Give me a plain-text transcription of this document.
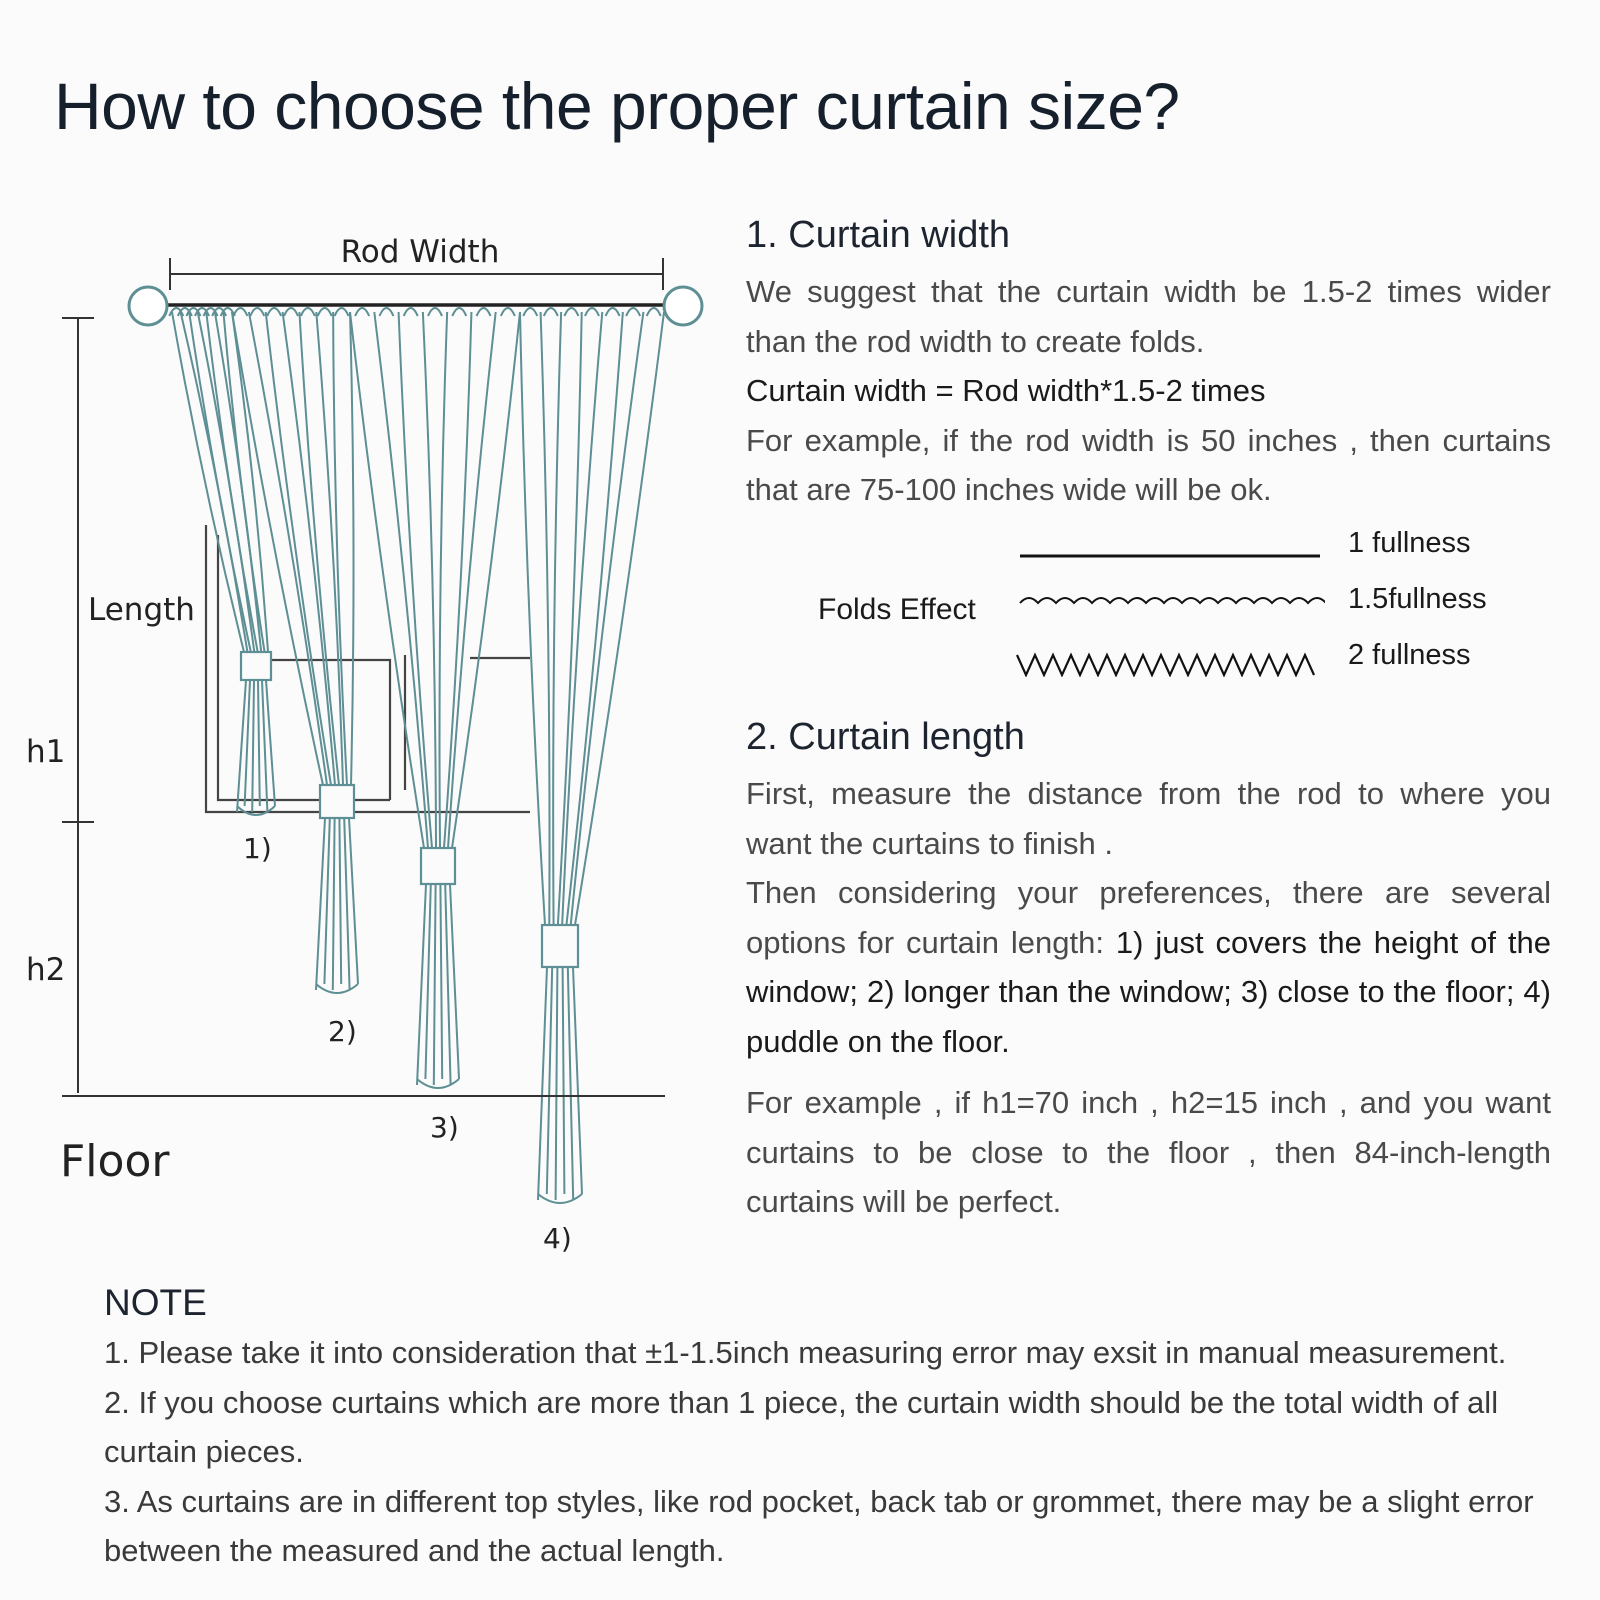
How to choose the proper curtain size?
Rod Width
Length
h1
h2
Floor
1)
2)
3)
4)
1. Curtain width

We suggest that the curtain width be 1.5-2 times wider than the rod width to create folds.

Curtain width = Rod width*1.5-2 times

For example, if the rod width is 50 inches , then curtains that are 75-100 inches wide will be ok.

Folds Effect
1 fullness
1.5fullness
2 fullness
2. Curtain length

First, measure the distance from the rod to where you want the curtains to finish .

Then considering your preferences, there are several options for curtain length: 1) just covers the height of the window; 2) longer than the window; 3) close to the floor; 4) puddle on the floor.

For example , if h1=70 inch , h2=15 inch , and you want curtains to be close to the floor , then 84-inch-length curtains will be perfect.

NOTE

1. Please take it into consideration that ±1-1.5inch measuring error may exsit in manual measurement.

2. If you choose curtains which are more than 1 piece, the curtain width should be the total width of all curtain pieces.

3. As curtains are in different top styles, like rod pocket, back tab or grommet, there may be a slight error between the measured and the actual length.
